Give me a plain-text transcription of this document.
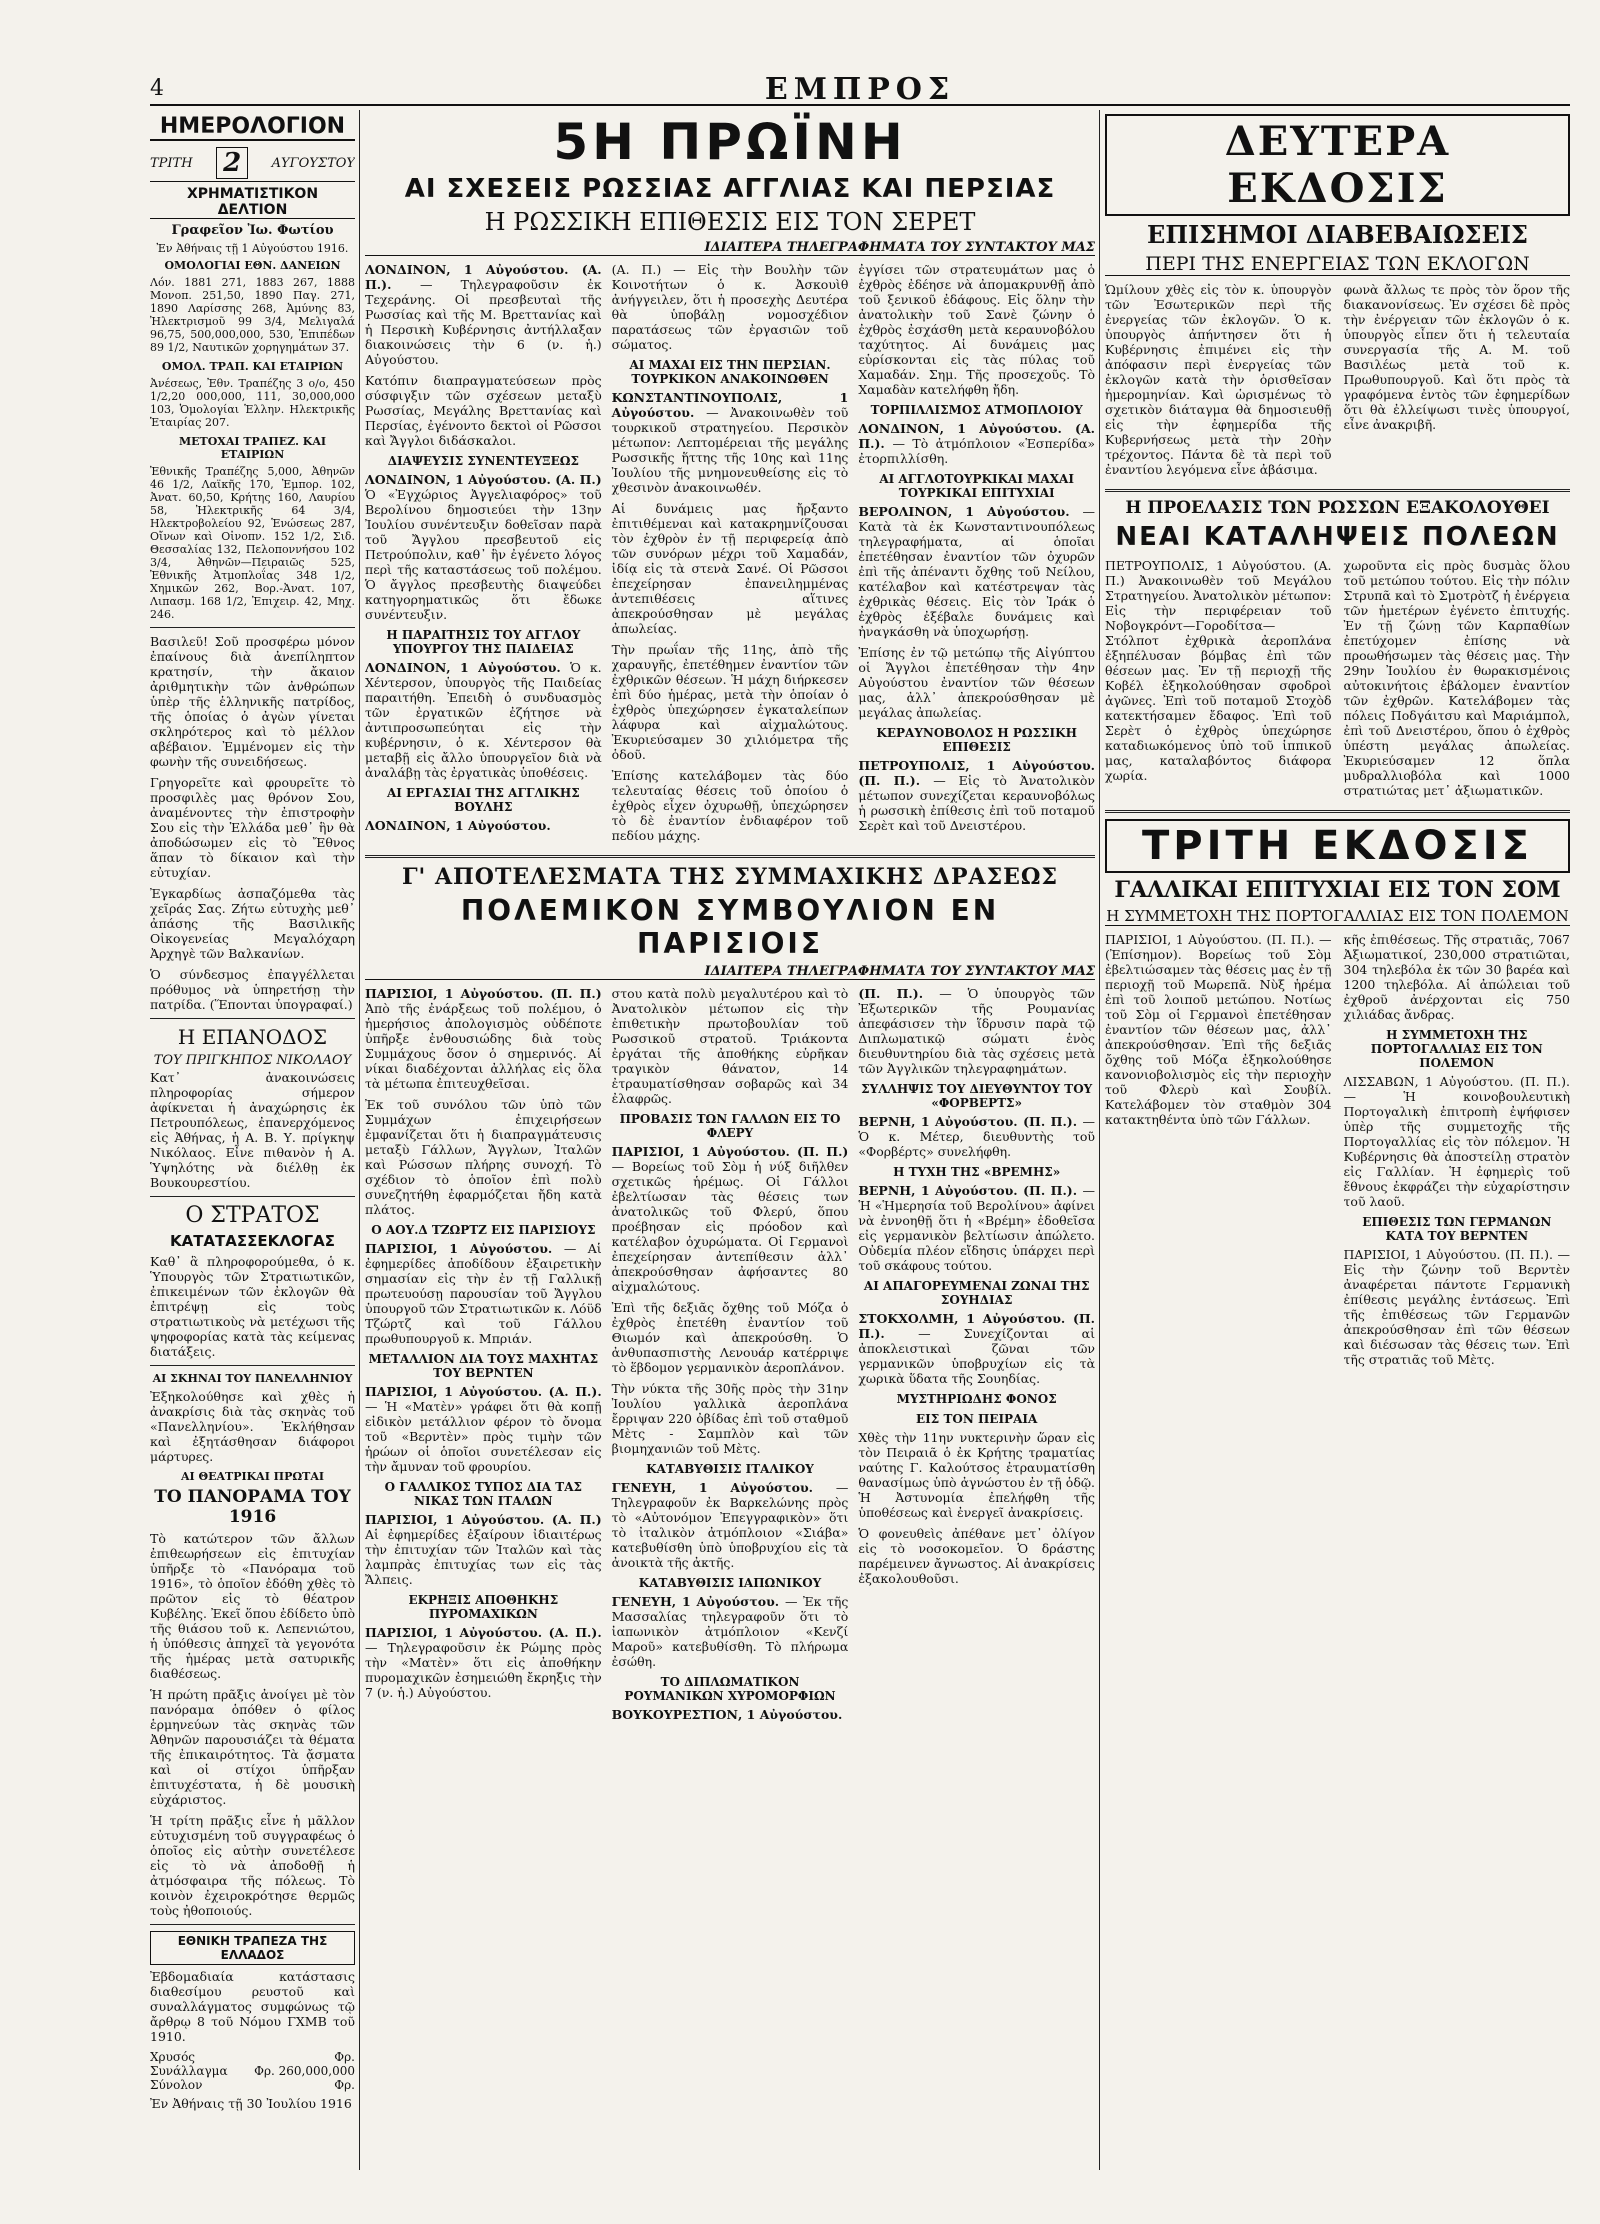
4	ΕΜΠΡΟΣ
ΗΜΕΡΟΛΟΓΙΟΝ
ΤΡΙΤΗ 2	ΑΥΓΟΥΣΤΟΥ
ΧΡΗΜΑΤΙΣΤΙΚΟΝ ΔΕΛΤΙΟΝ
Γραφεῖον Ἰω. Φωτίου
Ἐν Ἀθήναις τῇ 1 Αὐγούστου 1916.
ΟΜΟΛΟΓΙΑΙ ΕΘΝ. ΔΑΝΕΙΩΝ

Λόν. 1881 271, 1883 267, 1888 Μονοπ. 251,50, 1890 Παγ. 271, 1890 Λαρίσσης 268, Ἀμύνης 83, Ἠλεκτρισμοῦ 99 3/4, Μελιγαλά 96,75, 500,000,000, 530, Ἐπιπέδων 89 1/2, Ναυτικῶν χορηγημάτων 37.

ΟΜΟΛ. ΤΡΑΠ. ΚΑΙ ΕΤΑΙΡΙΩΝ

Ἀνέσεως, Ἐθν. Τραπέζης 3 ο/ο, 450 1/2,20 000,000, 111, 30,000,000 103, Ὁμολογίαι Ἑλλην. Ηλεκτρικῆς Ἑταιρίας 207.

ΜΕΤΟΧΑΙ ΤΡΑΠΕΖ. ΚΑΙ ΕΤΑΙΡΙΩΝ

Ἐθνικῆς Τραπέζης 5,000, Ἀθηνῶν 46 1/2, Λαϊκῆς 170, Ἐμπορ. 102, Ἀνατ. 60,50, Κρήτης 160, Λαυρίου 58, Ἠλεκτρικῆς 64 3/4, Ηλεκτροβολείου 92, Ἑνώσεως 287, Οἴνων καὶ Οἰνοπν. 152 1/2, Σιδ. Θεσσαλίας 132, Πελοποννήσου 102 3/4, Ἀθηνῶν—Πειραιῶς 525, Ἐθνικῆς Ἀτμοπλοΐας 348 1/2, Χημικῶν 262, Βορ.-Ἀνατ. 107, Λιπασμ. 168 1/2, Ἐπιχειρ. 42, Μηχ. 246.

Βασιλεῦ! Σοῦ προσφέρω μόνον ἐπαίνους διὰ ἀνεπίληπτον κρατησίν, τὴν ἄκαιον ἀριθμητικὴν τῶν ἀνθρώπων ὑπὲρ τῆς ἑλληνικῆς πατρίδος, τῆς ὁποίας ὁ ἀγὼν γίνεται σκληρότερος καὶ τὸ μέλλον αβέβαιον. Ἐμμένομεν εἰς τὴν φωνὴν τῆς συνειδήσεως.

Γρηγορεῖτε καὶ φρουρεῖτε τὸ προσφιλὲς μας θρόνον Σου, ἀναμένοντες τὴν ἐπιστροφὴν Σου εἰς τὴν Ἑλλάδα μεθ᾽ ἣν θὰ ἀποδώσωμεν εἰς τὸ Ἔθνος ἅπαν τὸ δίκαιον καὶ τὴν εὐτυχίαν.

Ἐγκαρδίως ἀσπαζόμεθα τὰς χεῖράς Σας. Ζήτω εὐτυχὴς μεθ᾽ ἀπάσης τῆς Βασιλικῆς Οἰκογενείας Μεγαλόχαρη Ἀρχηγὲ τῶν Βαλκανίων.

Ὁ σύνδεσμος ἐπαγγέλλεται πρόθυμος νὰ ὑπηρετήσῃ τὴν πατρίδα. (Ἕπονται ὑπογραφαί.)

Η ΕΠΑΝΟΔΟΣ
ΤΟΥ ΠΡΙΓΚΗΠΟΣ ΝΙΚΟΛΑΟΥ

Κατ᾽ ἀνακοινώσεις πληροφορίας σήμερον ἀφίκνεται ἡ ἀναχώρησις ἐκ Πετρουπόλεως, ἐπανερχόμενος εἰς Ἀθήνας, ἡ Α. Β. Υ. πρίγκηψ Νικόλαος. Εἶνε πιθανὸν ἡ Α. Ὑψηλότης νὰ διέλθῃ ἐκ Βουκουρεστίου.

Ο ΣΤΡΑΤΟΣ
ΚΑΤΑΤΑΣΣΕΚΛΟΓΑΣ

Καθ᾽ ἃ πληροφορούμεθα, ὁ κ. Ὑπουργὸς τῶν Στρατιωτικῶν, ἐπικειμένων τῶν ἐκλογῶν θὰ ἐπιτρέψῃ εἰς τοὺς στρατιωτικοὺς νὰ μετέχωσι τῆς ψηφοφορίας κατὰ τὰς κείμενας διατάξεις.

ΑΙ ΣΚΗΝΑΙ ΤΟΥ ΠΑΝΕΛΛΗΝΙΟΥ

Ἐξηκολούθησε καὶ χθὲς ἡ ἀνακρίσις διὰ τὰς σκηνὰς τοῦ «Πανελληνίου». Ἐκλήθησαν καὶ ἐξητάσθησαν διάφοροι μάρτυρες.

ΑΙ ΘΕΑΤΡΙΚΑΙ ΠΡΩΤΑΙ
ΤΟ ΠΑΝΟΡΑΜΑ ΤΟΥ 1916

Τὸ κατώτερον τῶν ἄλλων ἐπιθεωρήσεων εἰς ἐπιτυχίαν ὑπῆρξε τὸ «Πανόραμα τοῦ 1916», τὸ ὁποῖον ἐδόθη χθὲς τὸ πρῶτον εἰς τὸ θέατρον Κυβέλης. Ἐκεῖ ὅπου ἐδίδετο ὑπὸ τῆς θιάσου τοῦ κ. Λεπενιώτου, ἡ ὑπόθεσις ἀπηχεῖ τὰ γεγονότα τῆς ἡμέρας μετὰ σατυρικῆς διαθέσεως.

Ἡ πρώτη πρᾶξις ἀνοίγει μὲ τὸν πανόραμα ὁπόθεν ὁ φίλος ἑρμηνεύων τὰς σκηνὰς τῶν Ἀθηνῶν παρουσιάζει τὰ θέματα τῆς ἐπικαιρότητος. Τὰ ᾄσματα καὶ οἱ στίχοι ὑπῆρξαν ἐπιτυχέστατα, ἡ δὲ μουσικὴ εὐχάριστος.

Ἡ τρίτη πρᾶξις εἶνε ἡ μᾶλλον εὐτυχισμένη τοῦ συγγραφέως ὁ ὁποῖος εἰς αὐτὴν συνετέλεσε εἰς τὸ νὰ ἀποδοθῇ ἡ ἀτμόσφαιρα τῆς πόλεως. Τὸ κοινὸν ἐχειροκρότησε θερμῶς τοὺς ἠθοποιούς.

ΕΘΝΙΚΗ ΤΡΑΠΕΖΑ ΤΗΣ ΕΛΛΑΔΟΣ

Ἐβδομαδιαία κατάστασις διαθεσίμου ρευστοῦ καὶ συναλλάγματος συμφώνως τῷ ἄρθρῳ 8 τοῦ Νόμου ΓΧΜΒ τοῦ 1910.

Χρυσός	Φρ.
Συνάλλαγμα Φρ. 260,000,000
Σύνολον	Φρ.

Ἐν Ἀθήναις τῇ 30 Ἰουλίου 1916

5Η ΠΡΩΪΝΗ
ΑΙ ΣΧΕΣΕΙΣ ΡΩΣΣΙΑΣ ΑΓΓΛΙΑΣ ΚΑΙ ΠΕΡΣΙΑΣ
Η ΡΩΣΣΙΚΗ ΕΠΙΘΕΣΙΣ ΕΙΣ ΤΟΝ ΣΕΡΕΤ
ΙΔΙΑΙΤΕΡΑ ΤΗΛΕΓΡΑΦΗΜΑΤΑ ΤΟΥ ΣΥΝΤΑΚΤΟΥ ΜΑΣ

ΛΟΝΔΙΝΟΝ, 1 Αὐγούστου. (Α. Π.). — Τηλεγραφοῦσιν ἐκ Τεχεράνης. Οἱ πρεσβευταὶ τῆς Ρωσσίας καὶ τῆς Μ. Βρεττανίας καὶ ἡ Περσικὴ Κυβέρνησις ἀντήλλαξαν διακοινώσεις τὴν 6 (ν. ἡ.) Αὐγούστου.

Κατόπιν διαπραγματεύσεων πρὸς σύσφιγξιν τῶν σχέσεων μεταξὺ Ρωσσίας, Μεγάλης Βρεττανίας καὶ Περσίας, ἐγένοντο δεκτοὶ οἱ Ρῶσσοι καὶ Ἄγγλοι διδάσκαλοι.

ΔΙΑΨΕΥΣΙΣ ΣΥΝΕΝΤΕΥΞΕΩΣ

ΛΟΝΔΙΝΟΝ, 1 Αὐγούστου. (Α. Π.) Ὁ «Ἐγχώριος Ἀγγελιαφόρος» τοῦ Βερολίνου δημοσιεύει τὴν 13ην Ἰουλίου συνέντευξιν δοθεῖσαν παρὰ τοῦ Ἄγγλου πρεσβευτοῦ εἰς Πετρούπολιν, καθ᾽ ἣν ἐγένετο λόγος περὶ τῆς καταστάσεως τοῦ πολέμου. Ὁ ἄγγλος πρεσβευτὴς διαψεύδει κατηγορηματικῶς ὅτι ἔδωκε συνέντευξιν.

Η ΠΑΡΑΙΤΗΣΙΣ ΤΟΥ ΑΓΓΛΟΥ ΥΠΟΥΡΓΟΥ ΤΗΣ ΠΑΙΔΕΙΑΣ

ΛΟΝΔΙΝΟΝ, 1 Αὐγούστου. Ὁ κ. Χέντερσον, ὑπουργὸς τῆς Παιδείας παραιτήθη. Ἐπειδὴ ὁ συνδυασμὸς τῶν ἐργατικῶν ἐζήτησε νὰ ἀντιπροσωπεύηται εἰς τὴν κυβέρνησιν, ὁ κ. Χέντερσον θὰ μεταβῇ εἰς ἄλλο ὑπουργεῖον διὰ νὰ ἀναλάβῃ τὰς ἐργατικὰς ὑποθέσεις.

ΑΙ ΕΡΓΑΣΙΑΙ ΤΗΣ ΑΓΓΛΙΚΗΣ ΒΟΥΛΗΣ

ΛΟΝΔΙΝΟΝ, 1 Αὐγούστου.

(Α. Π.) — Εἰς τὴν Βουλὴν τῶν Κοινοτήτων ὁ κ. Ἀσκουὶθ ἀνήγγειλεν, ὅτι ἡ προσεχὴς Δευτέρα θὰ ὑποβάλῃ νομοσχέδιον παρατάσεως τῶν ἐργασιῶν τοῦ σώματος.

ΑΙ ΜΑΧΑΙ ΕΙΣ ΤΗΝ ΠΕΡΣΙΑΝ. ΤΟΥΡΚΙΚΟΝ ΑΝΑΚΟΙΝΩΘΕΝ

ΚΩΝΣΤΑΝΤΙΝΟΥΠΟΛΙΣ, 1 Αὐγούστου. — Ἀνακοινωθὲν τοῦ τουρκικοῦ στρατηγείου. Περσικὸν μέτωπον: Λεπτομέρειαι τῆς μεγάλης Ρωσσικῆς ἥττης τῆς 10ης καὶ 11ης Ἰουλίου τῆς μνημονευθείσης εἰς τὸ χθεσινὸν ἀνακοινωθέν.

Αἱ δυνάμεις μας ἤρξαντο ἐπιτιθέμεναι καὶ κατακρημνίζουσαι τὸν ἐχθρὸν ἐν τῇ περιφερείᾳ ἀπὸ τῶν συνόρων μέχρι τοῦ Χαμαδάν, ἰδίᾳ εἰς τὰ στενὰ Σανέ. Οἱ Ρῶσσοι ἐπεχείρησαν ἐπανειλημμένας ἀντεπιθέσεις αἵτινες ἀπεκρούσθησαν μὲ μεγάλας ἀπωλείας.

Τὴν πρωΐαν τῆς 11ης, ἀπὸ τῆς χαραυγῆς, ἐπετέθημεν ἐναντίον τῶν ἐχθρικῶν θέσεων. Ἡ μάχη διήρκεσεν ἐπὶ δύο ἡμέρας, μετὰ τὴν ὁποίαν ὁ ἐχθρὸς ὑπεχώρησεν ἐγκαταλείπων λάφυρα καὶ αἰχμαλώτους. Ἐκυριεύσαμεν 30 χιλιόμετρα τῆς ὁδοῦ.

Ἐπίσης κατελάβομεν τὰς δύο τελευταίας θέσεις τοῦ ὁποίου ὁ ἐχθρὸς εἶχεν ὀχυρωθῇ, ὑπεχώρησεν τὸ δὲ ἐναντίον ἐνδιαφέρον τοῦ πεδίου μάχης.

ἐγγίσει τῶν στρατευμάτων μας ὁ ἐχθρὸς ἐδέησε νὰ ἀπομακρυνθῇ ἀπὸ τοῦ ξενικοῦ ἐδάφους. Εἰς ὅλην τὴν ἀνατολικὴν τοῦ Σανὲ ζώνην ὁ ἐχθρὸς ἐσχάσθη μετὰ κεραυνοβόλου ταχύτητος. Αἱ δυνάμεις μας εὑρίσκονται εἰς τὰς πύλας τοῦ Χαμαδάν. Σημ. Τῆς προσεχοῦς. Τὸ Χαμαδὰν κατελήφθη ἤδη.

ΤΟΡΠΙΛΛΙΣΜΟΣ ΑΤΜΟΠΛΟΙΟΥ

ΛΟΝΔΙΝΟΝ, 1 Αὐγούστου. (Α. Π.). — Τὸ ἀτμόπλοιον «Ἑσπερίδα» ἐτορπιλλίσθη.

ΑΙ ΑΓΓΛΟΤΟΥΡΚΙΚΑΙ ΜΑΧΑΙ ΤΟΥΡΚΙΚΑΙ ΕΠΙΤΥΧΙΑΙ

ΒΕΡΟΛΙΝΟΝ, 1 Αὐγούστου. — Κατὰ τὰ ἐκ Κωνσταντινουπόλεως τηλεγραφήματα, αἱ ὁποῖαι ἐπετέθησαν ἐναντίον τῶν ὀχυρῶν ἐπὶ τῆς ἀπέναντι ὄχθης τοῦ Νείλου, κατέλαβον καὶ κατέστρεψαν τὰς ἐχθρικὰς θέσεις. Εἰς τὸν Ἰράκ ὁ ἐχθρὸς ἐξέβαλε δυνάμεις καὶ ἠναγκάσθη νὰ ὑποχωρήσῃ.

Ἐπίσης ἐν τῷ μετώπῳ τῆς Αἰγύπτου οἱ Ἄγγλοι ἐπετέθησαν τὴν 4ην Αὐγούστου ἐναντίον τῶν θέσεων μας, ἀλλ᾽ ἀπεκρούσθησαν μὲ μεγάλας ἀπωλείας.

ΚΕΡΑΥΝΟΒΟΛΟΣ Η ΡΩΣΣΙΚΗ ΕΠΙΘΕΣΙΣ

ΠΕΤΡΟΥΠΟΛΙΣ, 1 Αὐγούστου. (Π. Π.). — Εἰς τὸ Ἀνατολικὸν μέτωπον συνεχίζεται κεραυνοβόλως ἡ ρωσσικὴ ἐπίθεσις ἐπὶ τοῦ ποταμοῦ Σερὲτ καὶ τοῦ Δνειστέρου.

Γ' ΑΠΟΤΕΛΕΣΜΑΤΑ ΤΗΣ ΣΥΜΜΑΧΙΚΗΣ ΔΡΑΣΕΩΣ
ΠΟΛΕΜΙΚΟΝ ΣΥΜΒΟΥΛΙΟΝ ΕΝ ΠΑΡΙΣΙΟΙΣ
ΙΔΙΑΙΤΕΡΑ ΤΗΛΕΓΡΑΦΗΜΑΤΑ ΤΟΥ ΣΥΝΤΑΚΤΟΥ ΜΑΣ

ΠΑΡΙΣΙΟΙ, 1 Αὐγούστου. (Π. Π.) Ἀπὸ τῆς ἐνάρξεως τοῦ πολέμου, ὁ ἡμερήσιος ἀπολογισμὸς οὐδέποτε ὑπῆρξε ἐνθουσιώδης διὰ τοὺς Συμμάχους ὅσον ὁ σημερινός. Αἱ νίκαι διαδέχονται ἀλλήλας εἰς ὅλα τὰ μέτωπα ἐπιτευχθεῖσαι.

Ἐκ τοῦ συνόλου τῶν ὑπὸ τῶν Συμμάχων ἐπιχειρήσεων ἐμφανίζεται ὅτι ἡ διαπραγμάτευσις μεταξὺ Γάλλων, Ἄγγλων, Ἰταλῶν καὶ Ρώσσων πλήρης συνοχή. Τὸ σχέδιον τὸ ὁποῖον ἐπὶ πολὺ συνεζητήθη ἐφαρμόζεται ἤδη κατὰ πλάτος.

Ο ΑΟΥ.Δ ΤΖΩΡΤΖ ΕΙΣ ΠΑΡΙΣΙΟΥΣ

ΠΑΡΙΣΙΟΙ, 1 Αὐγούστου. — Αἱ ἐφημερίδες ἀποδίδουν ἐξαιρετικὴν σημασίαν εἰς τὴν ἐν τῇ Γαλλικῇ πρωτευούσῃ παρουσίαν τοῦ Ἄγγλου ὑπουργοῦ τῶν Στρατιωτικῶν κ. Λόϋδ Τζώρτζ καὶ τοῦ Γάλλου πρωθυπουργοῦ κ. Μπριάν.

ΜΕΤΑΛΛΙΟΝ ΔΙΑ ΤΟΥΣ ΜΑΧΗΤΑΣ ΤΟΥ ΒΕΡΝΤΕΝ

ΠΑΡΙΣΙΟΙ, 1 Αὐγούστου. (Α. Π.). — Ἡ «Ματὲν» γράφει ὅτι θὰ κοπῇ εἰδικὸν μετάλλιον φέρον τὸ ὄνομα τοῦ «Βερντὲν» πρὸς τιμὴν τῶν ἡρώων οἱ ὁποῖοι συνετέλεσαν εἰς τὴν ἄμυναν τοῦ φρουρίου.

Ο ΓΑΛΛΙΚΟΣ ΤΥΠΟΣ ΔΙΑ ΤΑΣ ΝΙΚΑΣ ΤΩΝ ΙΤΑΛΩΝ

ΠΑΡΙΣΙΟΙ, 1 Αὐγούστου. (Α. Π.) Αἱ ἐφημερίδες ἐξαίρουν ἰδιαιτέρως τὴν ἐπιτυχίαν τῶν Ἰταλῶν καὶ τὰς λαμπρὰς ἐπιτυχίας των εἰς τὰς Ἄλπεις.

ΕΚΡΗΞΙΣ ΑΠΟΘΗΚΗΣ ΠΥΡΟΜΑΧΙΚΩΝ

ΠΑΡΙΣΙΟΙ, 1 Αὐγούστου. (Α. Π.). — Τηλεγραφοῦσιν ἐκ Ρώμης πρὸς τὴν «Ματὲν» ὅτι εἰς ἀποθήκην πυρομαχικῶν ἐσημειώθη ἔκρηξις τὴν 7 (ν. ἡ.) Αὐγούστου.

στου κατὰ πολὺ μεγαλυτέρου καὶ τὸ Ἀνατολικὸν μέτωπον εἰς τὴν ἐπιθετικὴν πρωτοβουλίαν τοῦ Ρωσσικοῦ στρατοῦ. Τριάκοντα ἐργάται τῆς ἀποθήκης εὑρῆκαν τραγικὸν θάνατον, 14 ἐτραυματίσθησαν σοβαρῶς καὶ 34 ἐλαφρῶς.

ΠΡΟΒΑΣΙΣ ΤΩΝ ΓΑΛΛΩΝ ΕΙΣ ΤΟ ΦΛΕΡΥ

ΠΑΡΙΣΙΟΙ, 1 Αὐγούστου. (Π. Π.) — Βορείως τοῦ Σὸμ ἡ νύξ διῆλθεν σχετικῶς ἡρέμως. Οἱ Γάλλοι ἐβελτίωσαν τὰς θέσεις των ἀνατολικῶς τοῦ Φλερύ, ὅπου προέβησαν εἰς πρόοδον καὶ κατέλαβον ὀχυρώματα. Οἱ Γερμανοὶ ἐπεχείρησαν ἀντεπίθεσιν ἀλλ᾽ ἀπεκρούσθησαν ἀφήσαντες 80 αἰχμαλώτους.

Ἐπὶ τῆς δεξιᾶς ὄχθης τοῦ Μόζα ὁ ἐχθρὸς ἐπετέθη ἐναντίον τοῦ Θιωμόν καὶ ἀπεκρούσθη. Ὁ ἀνθυπασπιστὴς Λενουάρ κατέρριψε τὸ ἕβδομον γερμανικὸν ἀεροπλάνον.

Τὴν νύκτα τῆς 30ῆς πρὸς τὴν 31ην Ἰουλίου γαλλικὰ ἀεροπλάνα ἔρριψαν 220 ὀβίδας ἐπὶ τοῦ σταθμοῦ Μὲτς - Σαμπλὸν καὶ τῶν βιομηχανιῶν τοῦ Μὲτς.

ΚΑΤΑΒΥΘΙΣΙΣ ΙΤΑΛΙΚΟΥ

ΓΕΝΕΥΗ, 1 Αὐγούστου. — Τηλεγραφοῦν ἐκ Βαρκελώνης πρὸς τὸ «Αὐτονόμον Ἐπεγγραφικὸν» ὅτι τὸ ἰταλικὸν ἀτμόπλοιον «Σιάβα» κατεβυθίσθη ὑπὸ ὑποβρυχίου εἰς τὰ ἀνοικτὰ τῆς ἀκτῆς.

ΚΑΤΑΒΥΘΙΣΙΣ ΙΑΠΩΝΙΚΟΥ

ΓΕΝΕΥΗ, 1 Αὐγούστου. — Ἐκ τῆς Μασσαλίας τηλεγραφοῦν ὅτι τὸ ἰαπωνικὸν ἀτμόπλοιον «Κενζί Μαροῦ» κατεβυθίσθη. Τὸ πλήρωμα ἐσώθη.

ΤΟ ΔΙΠΛΩΜΑΤΙΚΟΝ ΡΟΥΜΑΝΙΚΩΝ ΧΥΡΟΜΟΡΦΙΩΝ

ΒΟΥΚΟΥΡΕΣΤΙΟΝ, 1 Αὐγούστου.

(Π. Π.). — Ὁ ὑπουργὸς τῶν Ἐξωτερικῶν τῆς Ρουμανίας ἀπεφάσισεν τὴν ἵδρυσιν παρὰ τῷ Διπλωματικῷ σώματι ἑνὸς διευθυντηρίου διὰ τὰς σχέσεις μετὰ τῶν Ἀγγλικῶν τηλεγραφημάτων.

ΣΥΛΛΗΨΙΣ ΤΟΥ ΔΙΕΥΘΥΝΤΟΥ ΤΟΥ «ΦΟΡΒΕΡΤΣ»

ΒΕΡΝΗ, 1 Αὐγούστου. (Π. Π.). — Ὁ κ. Μέτερ, διευθυντὴς τοῦ «Φορβέρτς» συνελήφθη.

Η ΤΥΧΗ ΤΗΣ «ΒΡΕΜΗΣ»

ΒΕΡΝΗ, 1 Αὐγούστου. (Π. Π.). — Ἡ «Ἡμερησία τοῦ Βερολίνου» ἀφίνει νὰ ἐννοηθῇ ὅτι ἡ «Βρέμη» ἐδοθεῖσα εἰς γερμανικὸν βελτίωσιν ἀπώλετο. Οὐδεμία πλέον εἴδησις ὑπάρχει περὶ τοῦ σκάφους τούτου.

ΑΙ ΑΠΑΓΟΡΕΥΜΕΝΑΙ ΖΩΝΑΙ ΤΗΣ ΣΟΥΗΔΙΑΣ

ΣΤΟΚΧΟΛΜΗ, 1 Αὐγούστου. (Π. Π.). — Συνεχίζονται αἱ ἀποκλειστικαὶ ζῶναι τῶν γερμανικῶν ὑποβρυχίων εἰς τὰ χωρικὰ ὕδατα τῆς Σουηδίας.

ΜΥΣΤΗΡΙΩΔΗΣ ΦΟΝΟΣ
ΕΙΣ ΤΟΝ ΠΕΙΡΑΙΑ

Χθὲς τὴν 11ην νυκτερινὴν ὥραν εἰς τὸν Πειραιᾶ ὁ ἐκ Κρήτης τραματίας ναύτης Γ. Καλούτσος ἐτραυματίσθη θανασίμως ὑπὸ ἀγνώστου ἐν τῇ ὁδῷ. Ἡ Ἀστυνομία ἐπελήφθη τῆς ὑποθέσεως καὶ ἐνεργεῖ ἀνακρίσεις.

Ὁ φονευθεὶς ἀπέθανε μετ᾽ ὀλίγον εἰς τὸ νοσοκομεῖον. Ὁ δράστης παρέμεινεν ἄγνωστος. Αἱ ἀνακρίσεις ἐξακολουθοῦσι.

ΔΕΥΤΕΡΑ ΕΚΔΟΣΙΣ
ΕΠΙΣΗΜΟΙ ΔΙΑΒΕΒΑΙΩΣΕΙΣ
ΠΕΡΙ ΤΗΣ ΕΝΕΡΓΕΙΑΣ ΤΩΝ ΕΚΛΟΓΩΝ

Ὡμίλουν χθὲς εἰς τὸν κ. ὑπουργὸν τῶν Ἐσωτερικῶν περὶ τῆς ἐνεργείας τῶν ἐκλογῶν. Ὁ κ. ὑπουργὸς ἀπήντησεν ὅτι ἡ Κυβέρνησις ἐπιμένει εἰς τὴν ἀπόφασιν περὶ ἐνεργείας τῶν ἐκλογῶν κατὰ τὴν ὁρισθεῖσαν ἡμερομηνίαν. Καὶ ὡρισμένως τὸ σχετικὸν διάταγμα θὰ δημοσιευθῇ εἰς τὴν ἐφημερίδα τῆς Κυβερνήσεως μετὰ τὴν 20ὴν τρέχοντος. Πάντα δὲ τὰ περὶ τοῦ ἐναντίου λεγόμενα εἶνε ἀβάσιμα.

φωνὰ ἄλλως τε πρὸς τὸν ὅρον τῆς διακανονίσεως. Ἐν σχέσει δὲ πρὸς τὴν ἐνέργειαν τῶν ἐκλογῶν ὁ κ. ὑπουργὸς εἶπεν ὅτι ἡ τελευταία συνεργασία τῆς Α. Μ. τοῦ Βασιλέως μετὰ τοῦ κ. Πρωθυπουργοῦ. Καὶ ὅτι πρὸς τὰ γραφόμενα ἐντὸς τῶν ἐφημερίδων ὅτι θὰ ἐλλείψωσι τινὲς ὑπουργοί, εἶνε ἀνακριβῆ.

Η ΠΡΟΕΛΑΣΙΣ ΤΩΝ ΡΩΣΣΩΝ ΕΞΑΚΟΛΟΥΘΕΙ
ΝΕΑΙ ΚΑΤΑΛΗΨΕΙΣ ΠΟΛΕΩΝ

ΠΕΤΡΟΥΠΟΛΙΣ, 1 Αὐγούστου. (Α. Π.) Ἀνακοινωθὲν τοῦ Μεγάλου Στρατηγείου. Ἀνατολικὸν μέτωπον: Εἰς τὴν περιφέρειαν τοῦ Νοβογκρόντ—Γοροδίτσα— Στόλποτ ἐχθρικὰ ἀεροπλάνα ἐξηπέλυσαν βόμβας ἐπὶ τῶν θέσεων μας. Ἐν τῇ περιοχῇ τῆς Κοβέλ ἐξηκολούθησαν σφοδροὶ ἀγῶνες. Ἐπὶ τοῦ ποταμοῦ Στοχὸδ κατεκτήσαμεν ἔδαφος. Ἐπὶ τοῦ Σερὲτ ὁ ἐχθρὸς ὑπεχώρησε καταδιωκόμενος ὑπὸ τοῦ ἱππικοῦ μας, καταλαβόντος διάφορα χωρία.

χωροῦντα εἰς πρὸς δυσμὰς ὅλου τοῦ μετώπου τούτου. Εἰς τὴν πόλιν Στρυπᾶ καὶ τὸ Σμοτρὸτζ ἡ ἐνέργεια τῶν ἡμετέρων ἐγένετο ἐπιτυχής. Ἐν τῇ ζώνῃ τῶν Καρπαθίων ἐπετύχομεν ἐπίσης νὰ προωθήσωμεν τὰς θέσεις μας. Τὴν 29ην Ἰουλίου ἐν θωρακισμένοις αὐτοκινήτοις ἐβάλομεν ἐναντίον τῶν ἐχθρῶν. Κατελάβομεν τὰς πόλεις Ποδγάιτσυ καὶ Μαριάμπολ, ἐπὶ τοῦ Δνειστέρου, ὅπου ὁ ἐχθρὸς ὑπέστη μεγάλας ἀπωλείας. Ἐκυριεύσαμεν 12 ὅπλα μυδραλλιοβόλα καὶ 1000 στρατιώτας μετ᾽ ἀξιωματικῶν.

ΤΡΙΤΗ ΕΚΔΟΣΙΣ
ΓΑΛΛΙΚΑΙ ΕΠΙΤΥΧΙΑΙ ΕΙΣ ΤΟΝ ΣΟΜ
Η ΣΥΜΜΕΤΟΧΗ ΤΗΣ ΠΟΡΤΟΓΑΛΛΙΑΣ ΕΙΣ ΤΟΝ ΠΟΛΕΜΟΝ

ΠΑΡΙΣΙΟΙ, 1 Αὐγούστου. (Π. Π.). — (Ἐπίσημον). Βορείως τοῦ Σὸμ ἐβελτιώσαμεν τὰς θέσεις μας ἐν τῇ περιοχῇ τοῦ Μωρεπᾶ. Νὺξ ἡρέμα ἐπὶ τοῦ λοιποῦ μετώπου. Νοτίως τοῦ Σὸμ οἱ Γερμανοὶ ἐπετέθησαν ἐναντίον τῶν θέσεων μας, ἀλλ᾽ ἀπεκρούσθησαν. Ἐπὶ τῆς δεξιᾶς ὄχθης τοῦ Μόζα ἐξηκολούθησε κανονιοβολισμὸς εἰς τὴν περιοχὴν τοῦ Φλερὺ καὶ Σουβίλ. Κατελάβομεν τὸν σταθμὸν 304 κατακτηθέντα ὑπὸ τῶν Γάλλων.

κῆς ἐπιθέσεως. Τῆς στρατιᾶς, 7067 Ἀξιωματικοί, 230,000 στρατιῶται, 304 τηλεβόλα ἐκ τῶν 30 βαρέα καὶ 1200 τηλεβόλα. Αἱ ἀπώλειαι τοῦ ἐχθροῦ ἀνέρχονται εἰς 750 χιλιάδας ἄνδρας.

Η ΣΥΜΜΕΤΟΧΗ ΤΗΣ ΠΟΡΤΟΓΑΛΛΙΑΣ ΕΙΣ ΤΟΝ ΠΟΛΕΜΟΝ

ΛΙΣΣΑΒΩΝ, 1 Αὐγούστου. (Π. Π.). — Ἡ κοινοβουλευτικὴ Πορτογαλικὴ ἐπιτροπὴ ἐψήφισεν ὑπὲρ τῆς συμμετοχῆς τῆς Πορτογαλλίας εἰς τὸν πόλεμον. Ἡ Κυβέρνησις θὰ ἀποστείλῃ στρατὸν εἰς Γαλλίαν. Ἡ ἐφημερὶς τοῦ ἔθνους ἐκφράζει τὴν εὐχαρίστησιν τοῦ λαοῦ.

ΕΠΙΘΕΣΙΣ ΤΩΝ ΓΕΡΜΑΝΩΝ ΚΑΤΑ ΤΟΥ ΒΕΡΝΤΕΝ

ΠΑΡΙΣΙΟΙ, 1 Αὐγούστου. (Π. Π.). — Εἰς τὴν ζώνην τοῦ Βερντὲν ἀναφέρεται πάντοτε Γερμανικὴ ἐπίθεσις μεγάλης ἐντάσεως. Ἐπὶ τῆς ἐπιθέσεως τῶν Γερμανῶν ἀπεκρούσθησαν ἐπὶ τῶν θέσεων καὶ διέσωσαν τὰς θέσεις των. Ἐπὶ τῆς στρατιᾶς τοῦ Μὲτς.
